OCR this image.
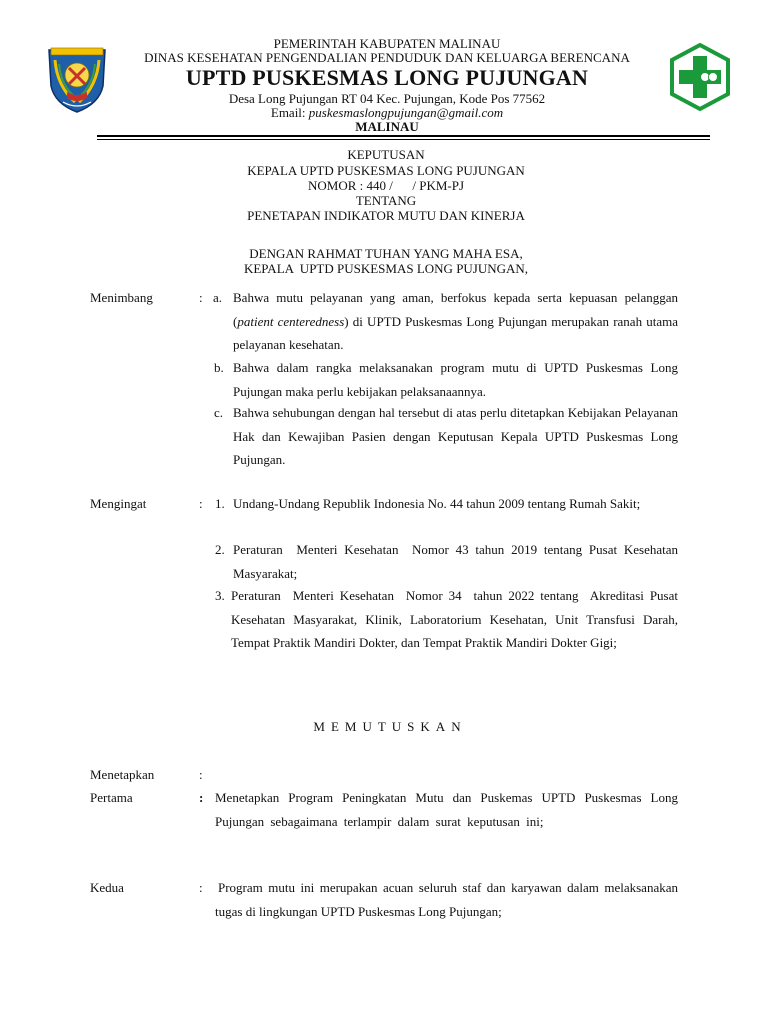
PEMERINTAH KABUPATEN MALINAU
DINAS KESEHATAN PENGENDALIAN PENDUDUK DAN KELUARGA BERENCANA
UPTD PUSKESMAS LONG PUJUNGAN
Desa Long Pujungan RT 04 Kec. Pujungan, Kode Pos 77562
Email: puskesmaslongpujungan@gmail.com
MALINAU
KEPUTUSAN
KEPALA UPTD PUSKESMAS LONG PUJUNGAN
NOMOR : 440 /      / PKM-PJ
TENTANG
PENETAPAN INDIKATOR MUTU DAN KINERJA
DENGAN RAHMAT TUHAN YANG MAHA ESA,
KEPALA  UPTD PUSKESMAS LONG PUJUNGAN,
Menimbang	: a. Bahwa mutu pelayanan yang aman, berfokus kepada serta kepuasan pelanggan (patient centeredness) di UPTD Puskesmas Long Pujungan merupakan ranah utama pelayanan kesehatan.
b. Bahwa dalam rangka melaksanakan program mutu di UPTD Puskesmas Long Pujungan maka perlu kebijakan pelaksanaannya.
c. Bahwa sehubungan dengan hal tersebut di atas perlu ditetapkan Kebijakan Pelayanan Hak dan Kewajiban Pasien dengan Keputusan Kepala UPTD Puskesmas Long Pujungan.
Mengingat	: 1. Undang-Undang Republik Indonesia No. 44 tahun 2009 tentang Rumah Sakit;
2. Peraturan  Menteri Kesehatan  Nomor 43 tahun 2019 tentang Pusat Kesehatan Masyarakat;
3. Peraturan  Menteri Kesehatan  Nomor 34  tahun 2022 tentang  Akreditasi Pusat Kesehatan Masyarakat, Klinik, Laboratorium Kesehatan, Unit Transfusi Darah, Tempat Praktik Mandiri Dokter, dan Tempat Praktik Mandiri Dokter Gigi;
MEMUTUSKAN
Menetapkan	:
Pertama	: Menetapkan Program Peningkatan Mutu dan Puskemas UPTD Puskesmas Long Pujungan sebagaimana terlampir dalam surat keputusan ini;
Kedua	: Program mutu ini merupakan acuan seluruh staf dan karyawan dalam melaksanakan tugas di lingkungan UPTD Puskesmas Long Pujungan;
